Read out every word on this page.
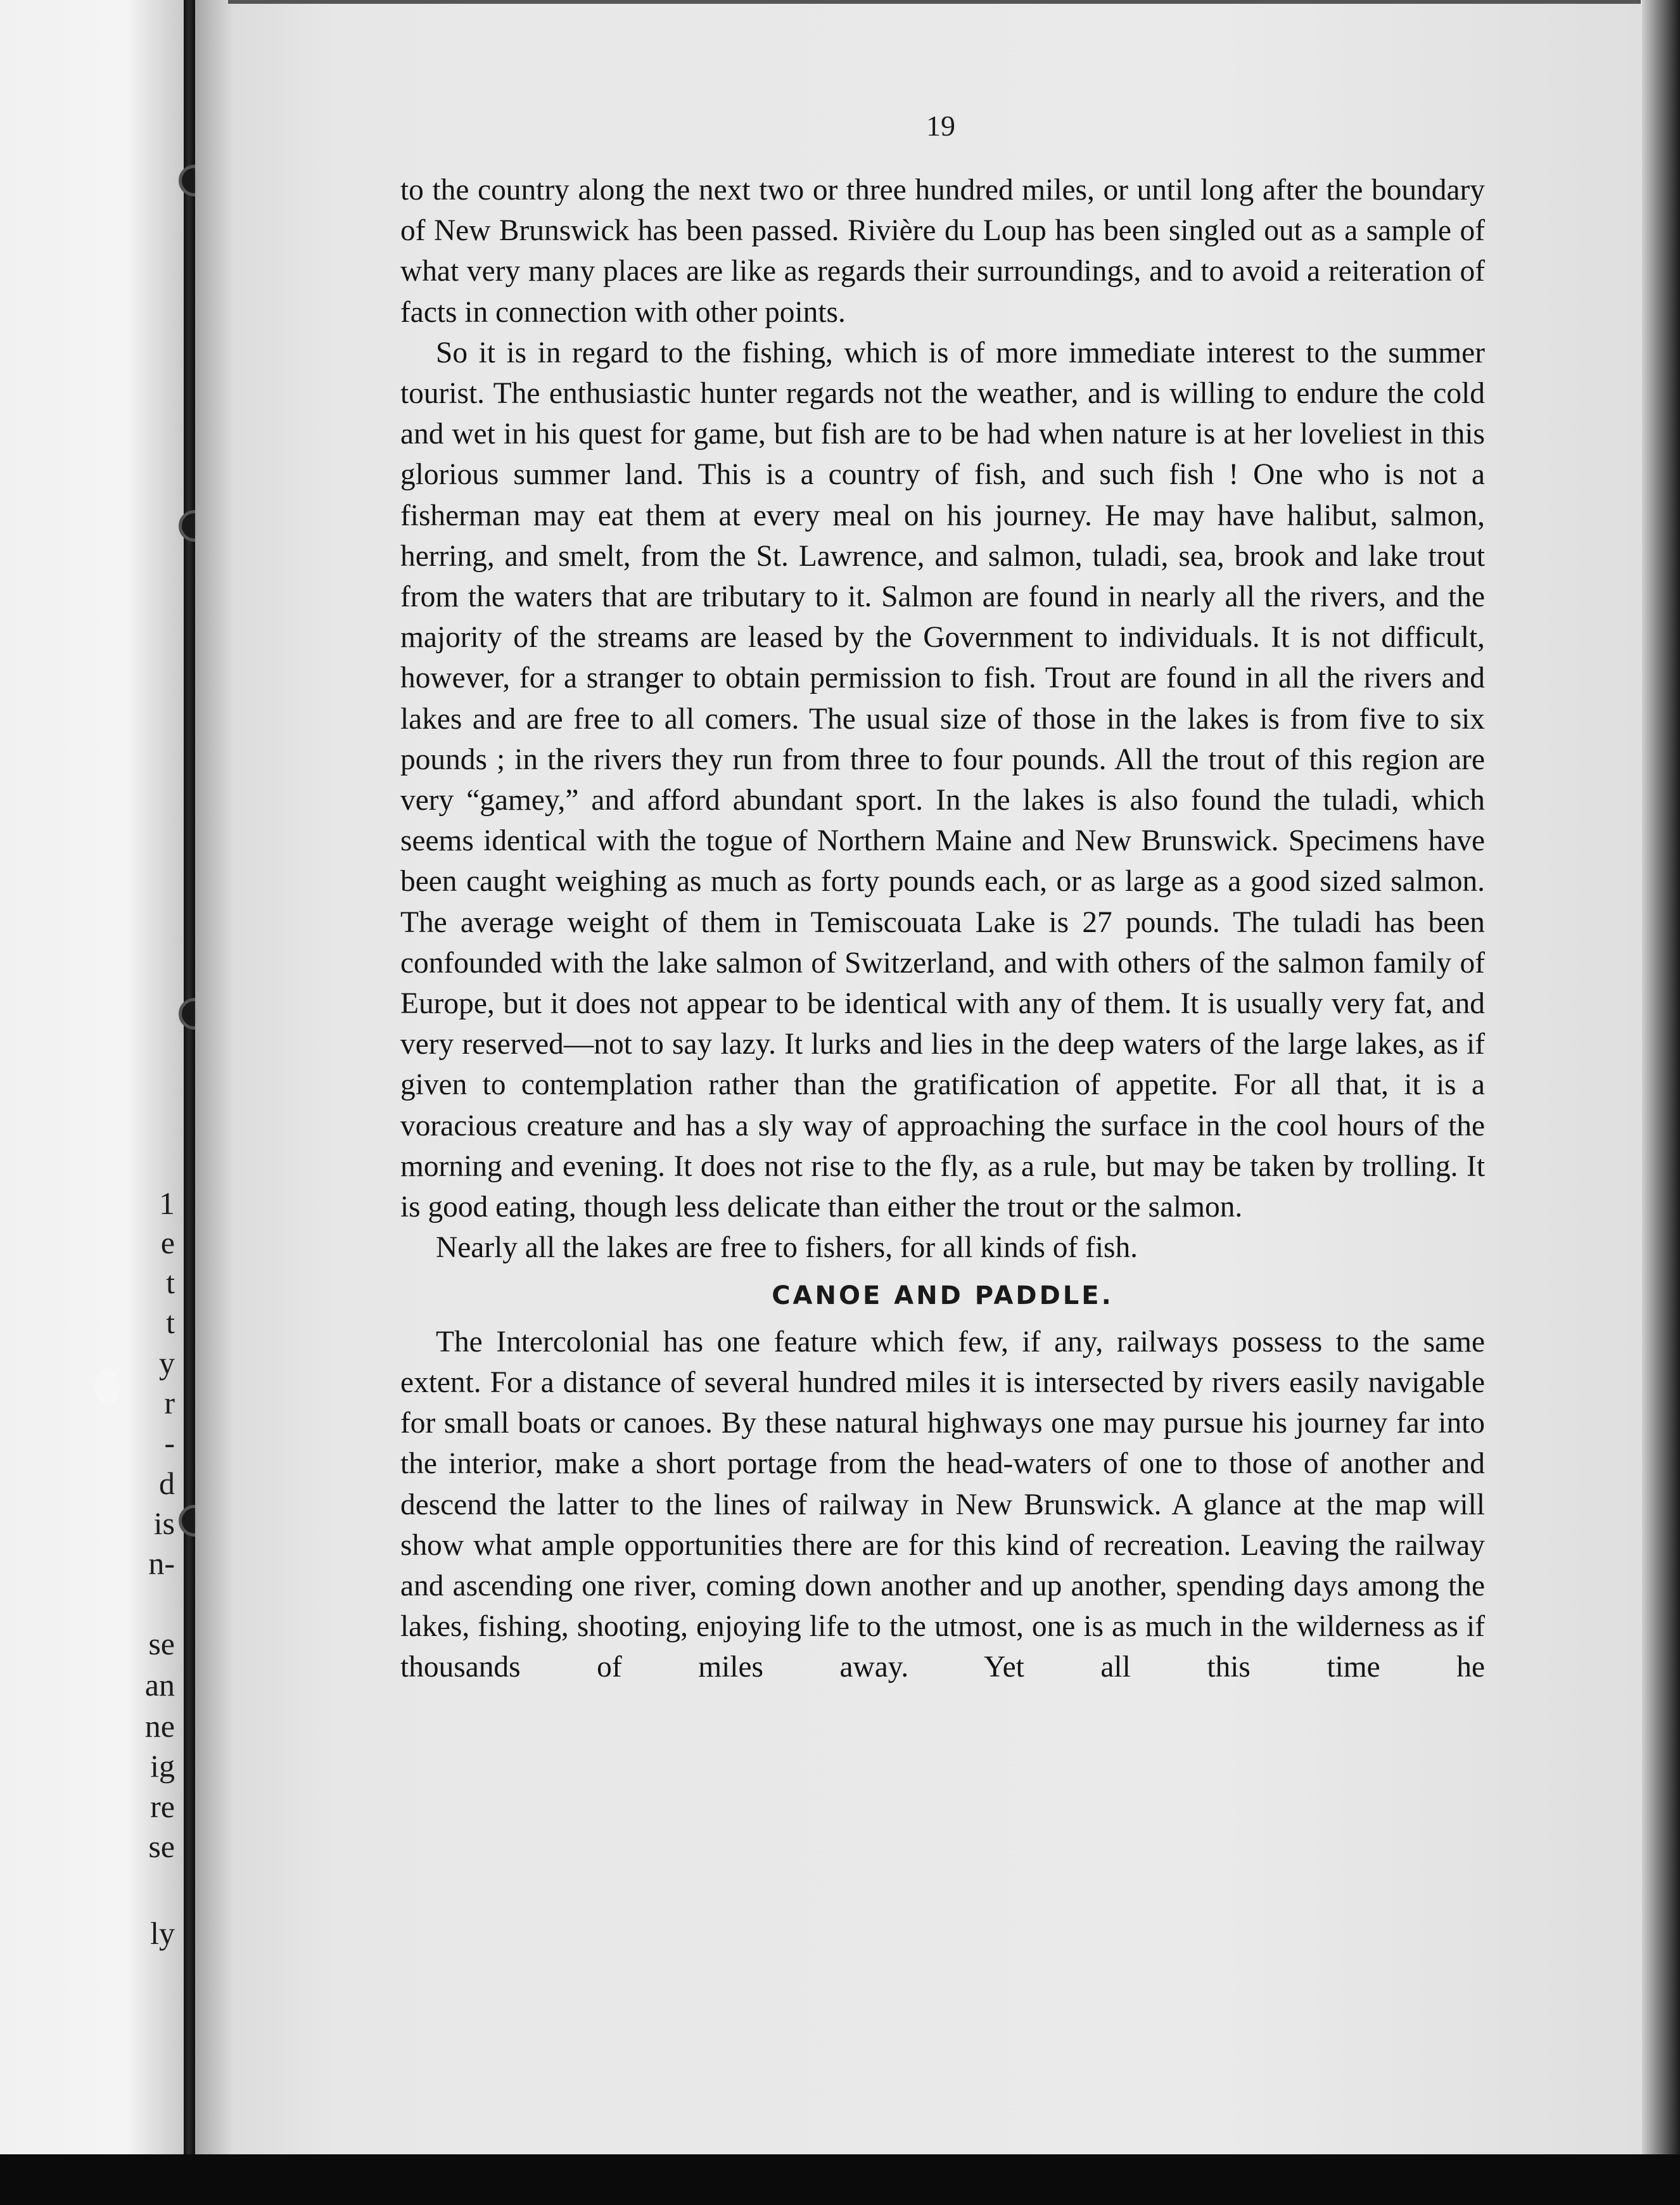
1
e
t
t
y
r
-
d
is
n-
se
an
ne
ig
re
se
ly
19

to the country along the next two or three hundred miles, or until long after the boundary of New Brunswick has been passed. Rivière du Loup has been singled out as a sample of what very many places are like as regards their surroundings, and to avoid a reiteration of facts in connection with other points.

So it is in regard to the fishing, which is of more immediate interest to the summer tourist. The enthusiastic hunter regards not the weather, and is willing to endure the cold and wet in his quest for game, but fish are to be had when nature is at her loveliest in this glorious summer land. This is a country of fish, and such fish ! One who is not a fisherman may eat them at every meal on his journey. He may have halibut, salmon, herring, and smelt, from the St. Lawrence, and salmon, tuladi, sea, brook and lake trout from the waters that are tributary to it. Salmon are found in nearly all the rivers, and the majority of the streams are leased by the Government to individuals. It is not difficult, however, for a stranger to obtain permission to fish. Trout are found in all the rivers and lakes and are free to all comers. The usual size of those in the lakes is from five to six pounds ; in the rivers they run from three to four pounds. All the trout of this region are very “gamey,” and afford abundant sport. In the lakes is also found the tuladi, which seems identical with the togue of Northern Maine and New Brunswick. Specimens have been caught weighing as much as forty pounds each, or as large as a good sized salmon. The average weight of them in Temiscouata Lake is 27 pounds. The tuladi has been confounded with the lake salmon of Switzerland, and with others of the salmon family of Europe, but it does not appear to be identical with any of them. It is usually very fat, and very reserved—not to say lazy. It lurks and lies in the deep waters of the large lakes, as if given to contemplation rather than the gratification of appetite. For all that, it is a voracious creature and has a sly way of approaching the surface in the cool hours of the morning and evening. It does not rise to the fly, as a rule, but may be taken by trolling. It is good eating, though less delicate than either the trout or the salmon.

Nearly all the lakes are free to fishers, for all kinds of fish.

CANOE AND PADDLE.

The Intercolonial has one feature which few, if any, railways possess to the same extent. For a distance of several hundred miles it is intersected by rivers easily navigable for small boats or canoes. By these natural highways one may pursue his journey far into the interior, make a short portage from the head-waters of one to those of another and descend the latter to the lines of railway in New Brunswick. A glance at the map will show what ample opportunities there are for this kind of recreation. Leaving the railway and ascending one river, coming down another and up another, spending days among the lakes, fishing, shooting, enjoying life to the utmost, one is as much in the wilderness as if thousands of miles away. Yet all this time he
